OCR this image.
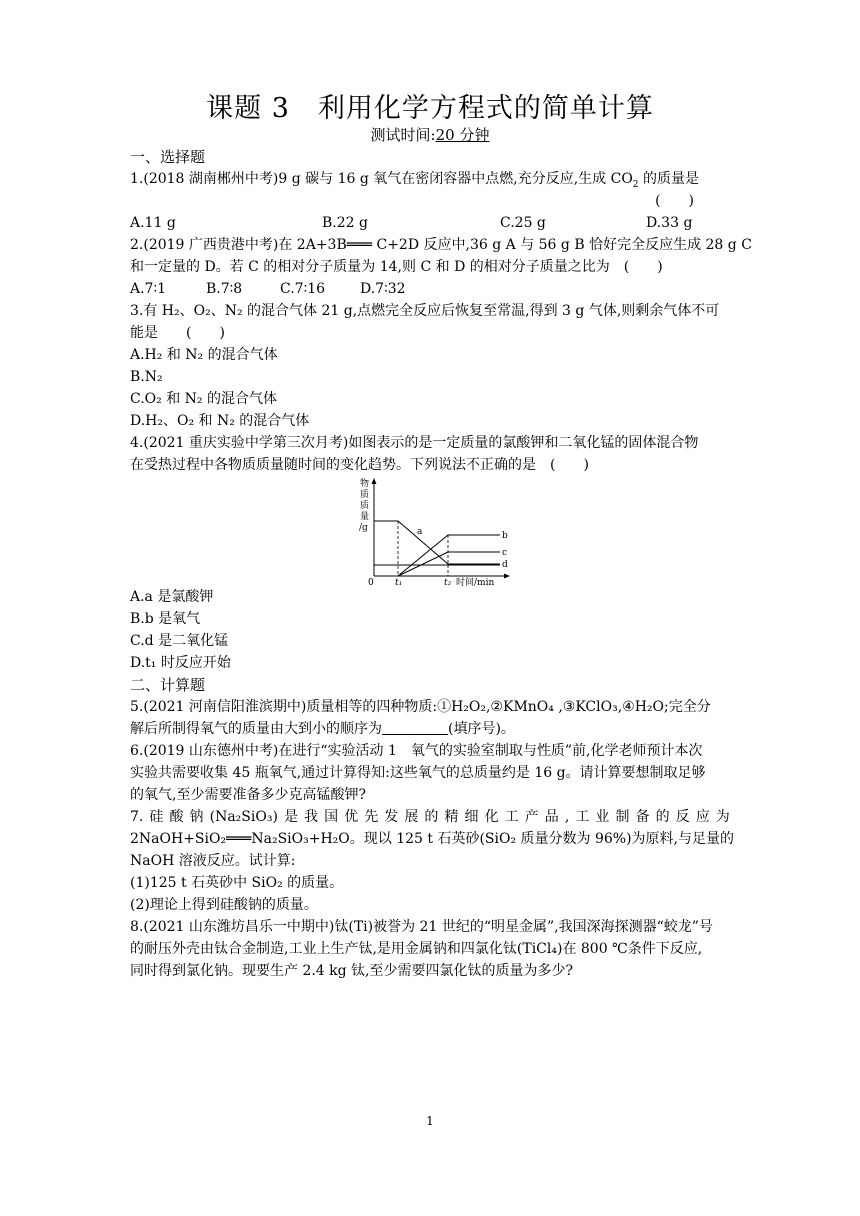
课题 3　利用化学方程式的简单计算
测试时间:20 分钟
一、选择题
1.(2018 湖南郴州中考)9 g 碳与 16 g 氧气在密闭容器中点燃,充分反应,生成 $CO_2$ 的质量是
(　　)
A.11 g	B.22 g	C.25 g	D.33 g
2.(2019 广西贵港中考)在 2A+3B═══ C+2D 反应中,36 g A 与 56 g B 恰好完全反应生成 28 g C
和一定量的 D。若 C 的相对分子质量为 14,则 C 和 D 的相对分子质量之比为　(　　)
A.7∶1	B.7∶8	C.7∶16 D.7∶32
3.有 H₂、O₂、N₂ 的混合气体 21 g,点燃完全反应后恢复至常温,得到 3 g 气体,则剩余气体不可
能是　　(　　)
A.H₂ 和 N₂ 的混合气体
B.N₂
C.O₂ 和 N₂ 的混合气体
D.H₂、O₂ 和 N₂ 的混合气体
4.(2021 重庆实验中学第三次月考)如图表示的是一定质量的氯酸钾和二氧化锰的固体混合物
在受热过程中各物质质量随时间的变化趋势。下列说法不正确的是　(　　)
物
质
质
量
/g	a	b
c
d
0 t₁	t₂ 时间/min
A.a 是氯酸钾
B.b 是氧气
C.d 是二氧化锰
D.t₁ 时反应开始
二、计算题
5.(2021 河南信阳淮滨期中)质量相等的四种物质:①H₂O₂,②KMnO₄ ,③KClO₃,④H₂O;完全分
解后所制得氧气的质量由大到小的顺序为	(填序号)。
6.(2019 山东德州中考)在进行“实验活动 1　氧气的实验室制取与性质”前,化学老师预计本次
实验共需要收集 45 瓶氧气,通过计算得知:这些氧气的总质量约是 16 g。请计算要想制取足够
的氧气,至少需要准备多少克高锰酸钾?
7. 硅 酸 钠 (Na₂SiO₃) 是 我 国 优 先 发 展 的 精 细 化 工 产 品 , 工 业 制 备 的 反 应 为
2NaOH+SiO₂═══Na₂SiO₃+H₂O。现以 125 t 石英砂(SiO₂ 质量分数为 96%)为原料,与足量的
NaOH 溶液反应。试计算:
(1)125 t 石英砂中 SiO₂ 的质量。
(2)理论上得到硅酸钠的质量。
8.(2021 山东潍坊昌乐一中期中)钛(Ti)被誉为 21 世纪的“明星金属”,我国深海探测器“蛟龙”号
的耐压外壳由钛合金制造,工业上生产钛,是用金属钠和四氯化钛(TiCl₄)在 800 ℃条件下反应,
同时得到氯化钠。现要生产 2.4 kg 钛,至少需要四氯化钛的质量为多少?
1
